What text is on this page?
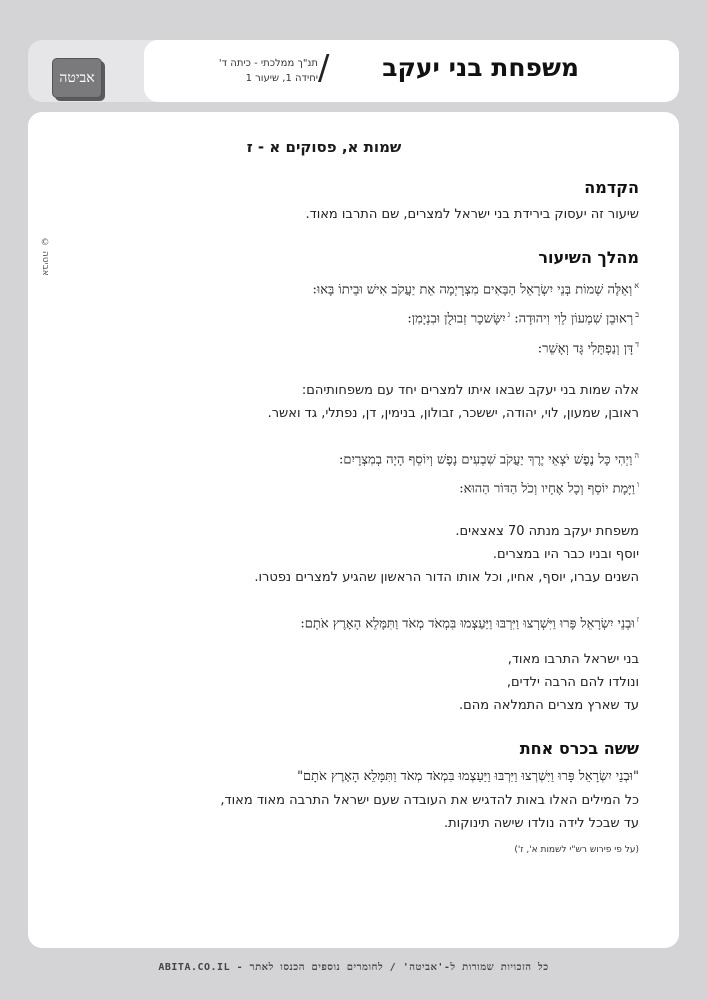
אביטה	משפחת בני יעקב
/
תנ"ך ממלכתי - כיתה ד'
יחידה 1, שיעור 1
© אביטה
שמות א, פסוקים א - ז
הקדמה
שיעור זה יעסוק בירידת בני ישראל למצרים, שם התרבו מאוד.
מהלך השיעור
$^א$וְאֵלֶּה שְׁמוֹת בְּנֵי יִשְׂרָאֵל הַבָּאִים מִצְרָיְמָה אֵת יַעֲקֹב אִישׁ וּבֵיתוֹ בָּאוּ:
$^ב$רְאוּבֵן שִׁמְעוֹן לֵוִי וִיהוּדָה: $^ג$יִשָּׂשכָר זְבוּלֻן וּבִנְיָמִן:
$^ד$דָּן וְנַפְתָּלִי גָּד וְאָשֵׁר:
אלה שמות בני יעקב שבאו איתו למצרים יחד עם משפחותיהם:
ראובן, שמעון, לוי, יהודה, יששכר, זבולון, בנימין, דן, נפתלי, גד ואשר.
$^ה$וַיְהִי כָּל נֶפֶשׁ יֹצְאֵי יֶרֶךְ יַעֲקֹב שִׁבְעִים נָפֶשׁ וְיוֹסֵף הָיָה בְמִצְרָיִם:
$^ו$וַיָּמָת יוֹסֵף וְכָל אֶחָיו וְכֹל הַדּוֹר הַהוּא:
משפחת יעקב מנתה 70 צאצאים.
יוסף ובניו כבר היו במצרים.
השנים עברו, יוסף, אחיו, וכל אותו הדור הראשון שהגיע למצרים נפטרו.
$^ז$וּבְנֵי יִשְׂרָאֵל פָּרוּ וַיִּשְׁרְצוּ וַיִּרְבּוּ וַיַּעַצְמוּ בִּמְאֹד מְאֹד וַתִּמָּלֵא הָאָרֶץ אֹתָם:
בני ישראל התרבו מאוד,
ונולדו להם הרבה ילדים,
עד שארץ מצרים התמלאה מהם.
ששה בכרס אחת
"וּבְנֵי יִשְׂרָאֵל פָּרוּ וַיִּשְׁרְצוּ וַיִּרְבּוּ וַיַּעַצְמוּ בִּמְאֹד מְאֹד וַתִּמָּלֵא הָאָרֶץ אֹתָם"
כל המילים האלו באות להדגיש את העובדה שעם ישראל התרבה מאוד מאוד,
עד שבכל לידה נולדו שישה תינוקות.
(על פי פירוש רש"י לשמות א', ז')
כל הזכויות שמורות ל-'אביטה' / לחומרים נוספים הכנסו לאתר - ABITA.CO.IL
